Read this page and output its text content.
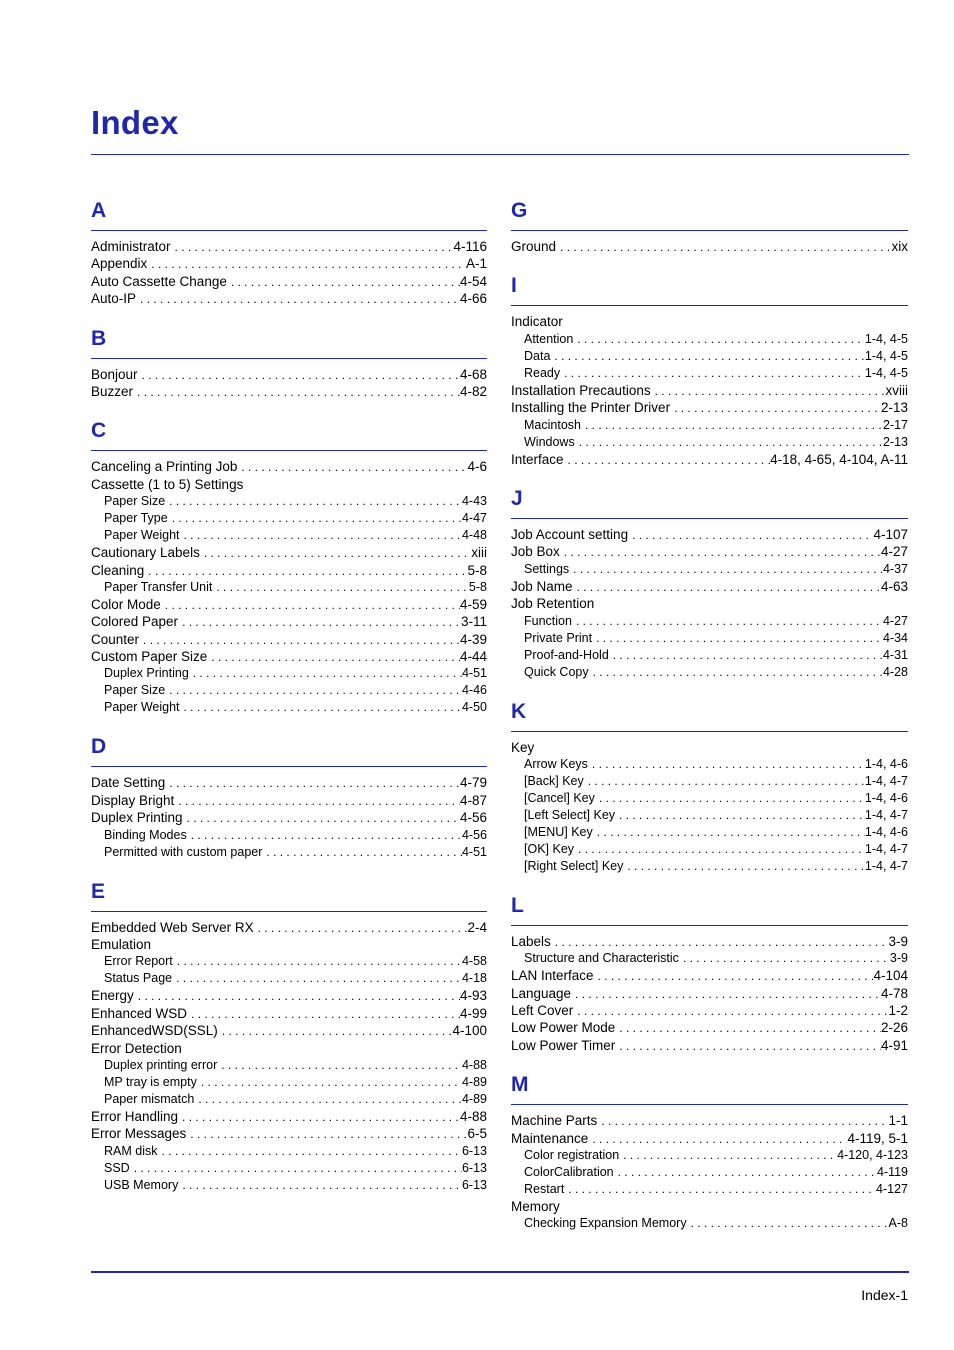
Index
A
Administrator . . .	4-116
Appendix . . .	A-1
Auto Cassette Change . . .	4-54
Auto-IP . . .	4-66
B
Bonjour . . .	4-68
Buzzer . . .	4-82
C
Canceling a Printing Job . . .	4-6
Cassette (1 to 5) Settings
Paper Size . . .	4-43
Paper Type . . .	4-47
Paper Weight . . .	4-48
Cautionary Labels . . .	xiii
Cleaning . . .	5-8
Paper Transfer Unit . . .	5-8
Color Mode . . .	4-59
Colored Paper . . .	3-11
Counter . . .	4-39
Custom Paper Size . . .	4-44
Duplex Printing . . .	4-51
Paper Size . . .	4-46
Paper Weight . . .	4-50
D
Date Setting . . .	4-79
Display Bright . . .	4-87
Duplex Printing . . .	4-56
Binding Modes . . .	4-56
Permitted with custom paper . . .	4-51
E
Embedded Web Server RX . . .	2-4
Emulation
Error Report . . .	4-58
Status Page . . .	4-18
Energy . . .	4-93
Enhanced WSD . . .	4-99
EnhancedWSD(SSL) . . .	4-100
Error Detection
Duplex printing error . . .	4-88
MP tray is empty . . .	4-89
Paper mismatch . . .	4-89
Error Handling . . .	4-88
Error Messages . . .	6-5
RAM disk . . .	6-13
SSD . . .	6-13
USB Memory . . .	6-13
G
Ground . . .	xix
I
Indicator
Attention . . .	1-4, 4-5
Data . . .	1-4, 4-5
Ready . . .	1-4, 4-5
Installation Precautions . . .	xviii
Installing the Printer Driver . . .	2-13
Macintosh . . .	2-17
Windows . . .	2-13
Interface . . .	4-18, 4-65, 4-104, A-11
J
Job Account setting . . .	4-107
Job Box . . .	4-27
Settings . . .	4-37
Job Name . . .	4-63
Job Retention
Function . . .	4-27
Private Print . . .	4-34
Proof-and-Hold . . .	4-31
Quick Copy . . .	4-28
K
Key
Arrow Keys . . .	1-4, 4-6
[Back] Key . . .	1-4, 4-7
[Cancel] Key . . .	1-4, 4-6
[Left Select] Key . . .	1-4, 4-7
[MENU] Key . . .	1-4, 4-6
[OK] Key . . .	1-4, 4-7
[Right Select] Key . . .	1-4, 4-7
L
Labels . . .	3-9
Structure and Characteristic . . .	3-9
LAN Interface . . .	4-104
Language . . .	4-78
Left Cover . . .	1-2
Low Power Mode . . .	2-26
Low Power Timer . . .	4-91
M
Machine Parts . . .	1-1
Maintenance . . .	4-119, 5-1
Color registration . . .	4-120, 4-123
ColorCalibration . . .	4-119
Restart . . .	4-127
Memory
Checking Expansion Memory . . .	A-8
Index-1
